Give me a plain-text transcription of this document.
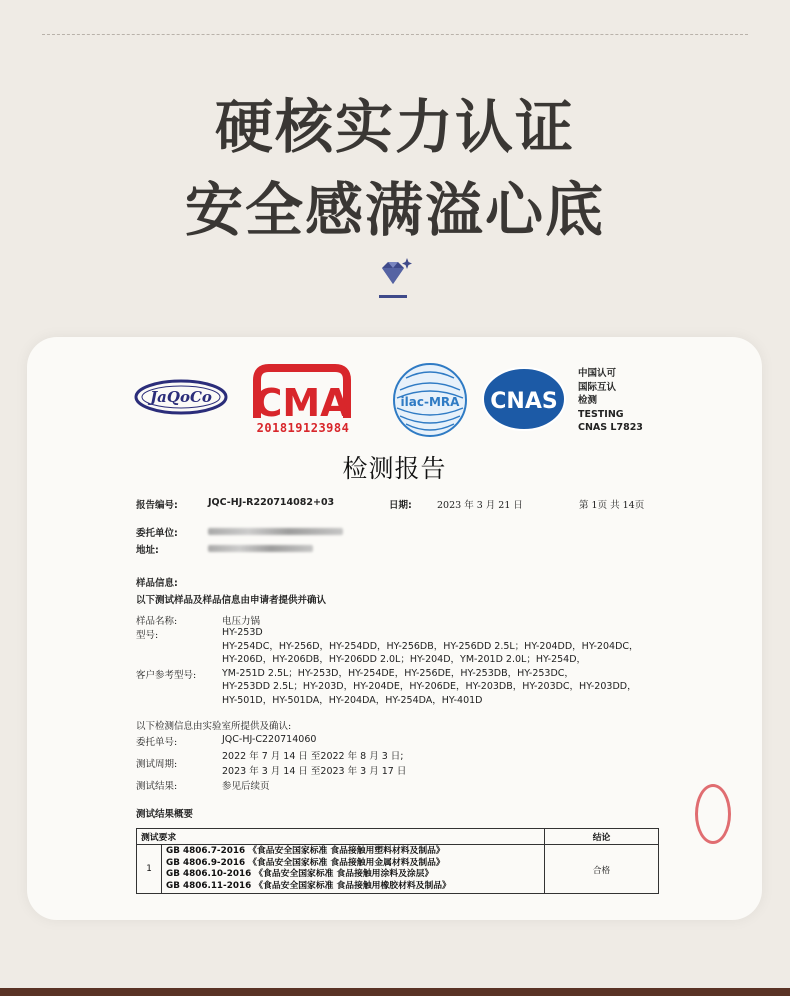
硬核实力认证
安全感满溢心底
JaQoCo CMA
201819123984
ilac-MRA CNAS
中国认可
国际互认
检测
TESTING
CNAS L7823
检测报告
报告编号:	JQC-HJ-R220714082+03	日期:	2023 年 3 月 21 日	第 1页 共 14页
委托单位:
地址:
样品信息:
以下测试样品及样品信息由申请者提供并确认
样品名称:	电压力锅
型号:	HY-253D
客户参考型号:
HY-254DC，HY-256D，HY-254DD，HY-256DB，HY-256DD 2.5L；HY-204DD，HY-204DC，
HY-206D，HY-206DB，HY-206DD 2.0L；HY-204D，YM-201D 2.0L；HY-254D，
YM-251D 2.5L；HY-253D，HY-254DE，HY-256DE，HY-253DB，HY-253DC，
HY-253DD 2.5L；HY-203D，HY-204DE，HY-206DE，HY-203DB，HY-203DC，HY-203DD，
HY-501D，HY-501DA，HY-204DA，HY-254DA，HY-401D
以下检测信息由实验室所提供及确认:
委托单号:	JQC-HJ-C220714060
测试周期:
2022 年 7 月 14 日 至2022 年 8 月 3 日;
2023 年 3 月 14 日 至2023 年 3 月 17 日
测试结果:	参见后续页
测试结果概要
测试要求		结论
1	GB 4806.7-2016 《食品安全国家标准 食品接触用塑料材料及制品》
GB 4806.9-2016 《食品安全国家标准 食品接触用金属材料及制品》
GB 4806.10-2016 《食品安全国家标准 食品接触用涂料及涂层》
GB 4806.11-2016 《食品安全国家标准 食品接触用橡胶材料及制品》	合格
